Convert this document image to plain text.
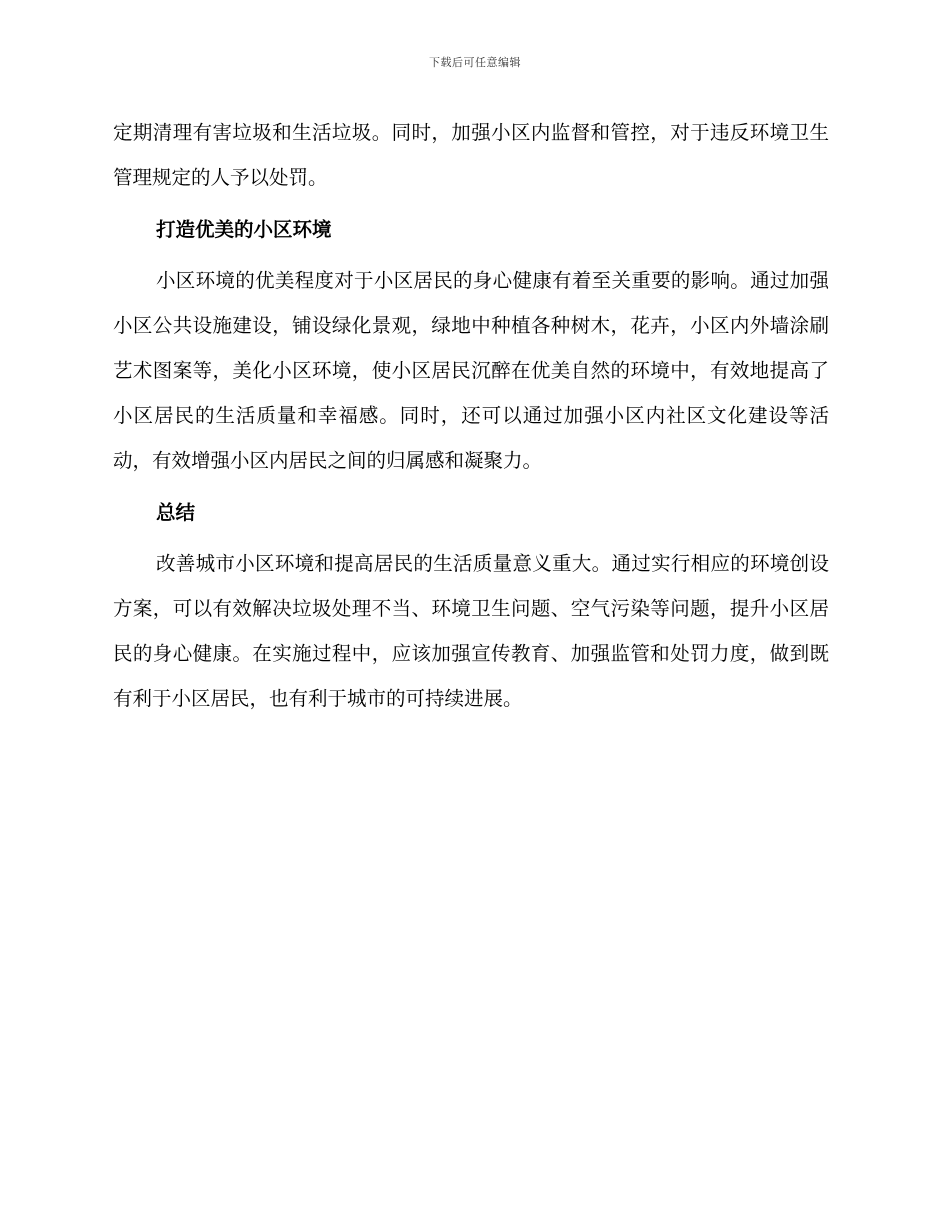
下载后可任意编辑

定期清理有害垃圾和生活垃圾。同时，加强小区内监督和管控，对于违反环境卫生管理规定的人予以处罚。

打造优美的小区环境

小区环境的优美程度对于小区居民的身心健康有着至关重要的影响。通过加强小区公共设施建设，铺设绿化景观，绿地中种植各种树木，花卉，小区内外墙涂刷艺术图案等，美化小区环境，使小区居民沉醉在优美自然的环境中，有效地提高了小区居民的生活质量和幸福感。同时，还可以通过加强小区内社区文化建设等活动，有效增强小区内居民之间的归属感和凝聚力。

总结

改善城市小区环境和提高居民的生活质量意义重大。通过实行相应的环境创设方案，可以有效解决垃圾处理不当、环境卫生问题、空气污染等问题，提升小区居民的身心健康。在实施过程中，应该加强宣传教育、加强监管和处罚力度，做到既有利于小区居民，也有利于城市的可持续进展。
